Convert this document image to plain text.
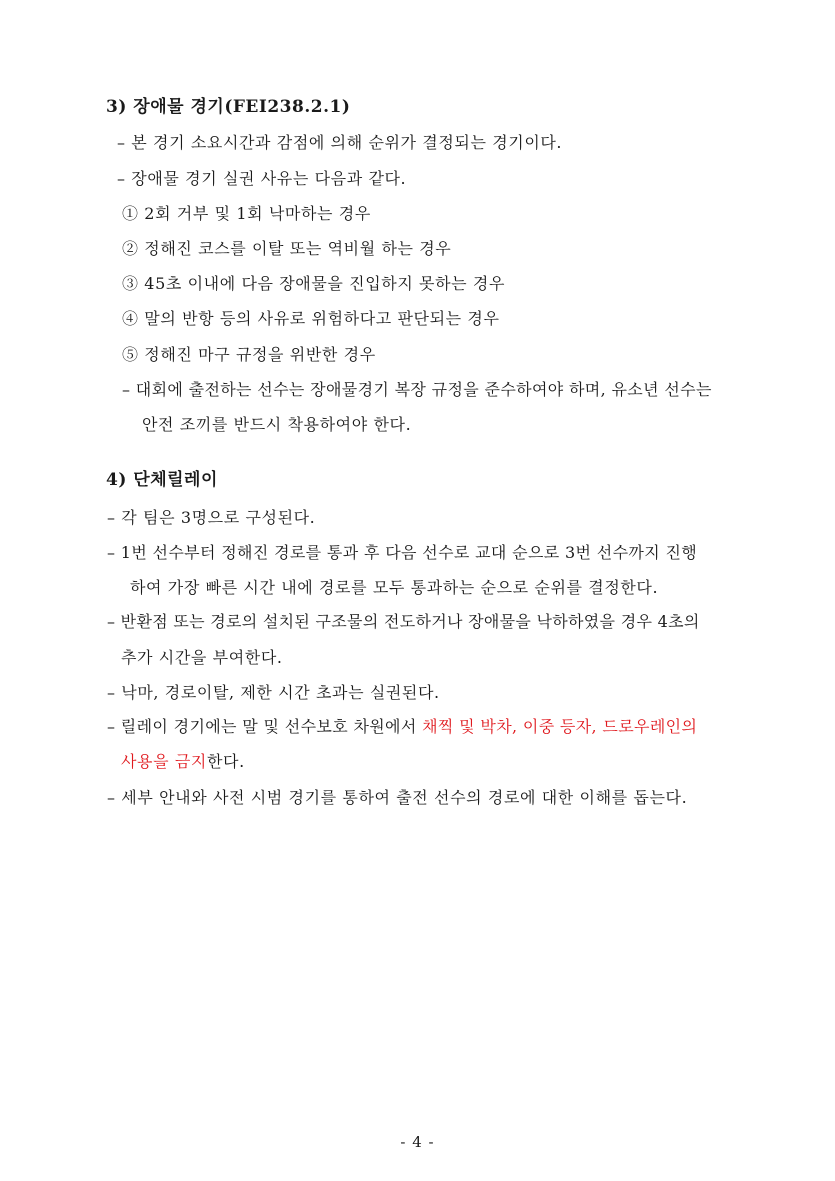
3) 장애물 경기(FEI238.2.1)
– 본 경기 소요시간과 감점에 의해 순위가 결정되는 경기이다.
– 장애물 경기 실권 사유는 다음과 같다.
① 2회 거부 및 1회 낙마하는 경우
② 정해진 코스를 이탈 또는 역비월 하는 경우
③ 45초 이내에 다음 장애물을 진입하지 못하는 경우
④ 말의 반항 등의 사유로 위험하다고 판단되는 경우
⑤ 정해진 마구 규정을 위반한 경우
– 대회에 출전하는 선수는 장애물경기 복장 규정을 준수하여야 하며, 유소년 선수는
안전 조끼를 반드시 착용하여야 한다.
4) 단체릴레이
– 각 팀은 3명으로 구성된다.
– 1번 선수부터 정해진 경로를 통과 후 다음 선수로 교대 순으로 3번 선수까지 진행
하여 가장 빠른 시간 내에 경로를 모두 통과하는 순으로 순위를 결정한다.
– 반환점 또는 경로의 설치된 구조물의 전도하거나 장애물을 낙하하였을 경우 4초의
추가 시간을 부여한다.
– 낙마, 경로이탈, 제한 시간 초과는 실권된다.
– 릴레이 경기에는 말 및 선수보호 차원에서 채찍 및 박차, 이중 등자, 드로우레인의
사용을 금지한다.
– 세부 안내와 사전 시범 경기를 통하여 출전 선수의 경로에 대한 이해를 돕는다.
- 4 -
